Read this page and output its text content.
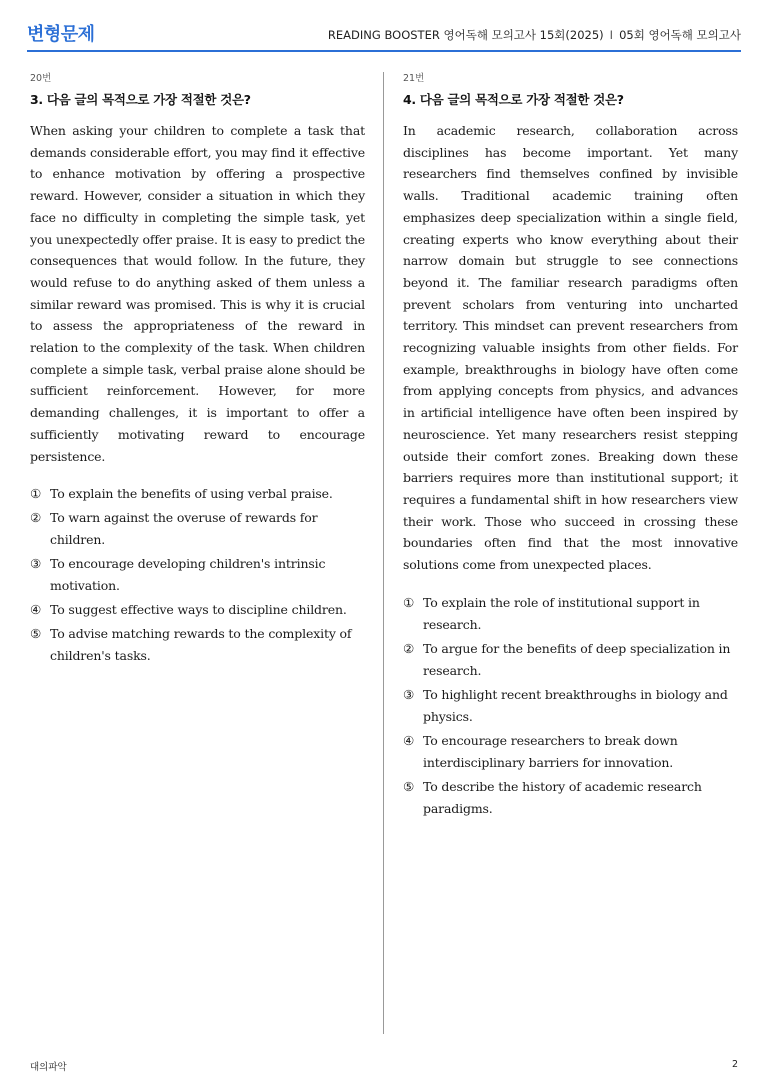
변형문제	READING BOOSTER 영어독해 모의고사 15회(2025) I 05회 영어독해 모의고사
20번
3. 다음 글의 목적으로 가장 적절한 것은?

When asking your children to complete a task that demands considerable effort, you may find it effective to enhance motivation by offering a prospective reward. However, consider a situation in which they face no difficulty in completing the simple task, yet you unexpectedly offer praise. It is easy to predict the consequences that would follow. In the future, they would refuse to do anything asked of them unless a similar reward was promised. This is why it is crucial to assess the appropriateness of the reward in relation to the complexity of the task. When children complete a simple task, verbal praise alone should be sufficient reinforcement. However, for more demanding challenges, it is important to offer a sufficiently motivating reward to encourage persistence.

① To explain the benefits of using verbal praise.
② To warn against the overuse of rewards for children.
③ To encourage developing children's intrinsic motivation.
④ To suggest effective ways to discipline children.
⑤ To advise matching rewards to the complexity of children's tasks.
21번
4. 다음 글의 목적으로 가장 적절한 것은?

In academic research, collaboration across disciplines has become important. Yet many researchers find themselves confined by invisible walls. Traditional academic training often emphasizes deep specialization within a single field, creating experts who know everything about their narrow domain but struggle to see connections beyond it. The familiar research paradigms often prevent scholars from venturing into uncharted territory. This mindset can prevent researchers from recognizing valuable insights from other fields. For example, breakthroughs in biology have often come from applying concepts from physics, and advances in artificial intelligence have often been inspired by neuroscience. Yet many researchers resist stepping outside their comfort zones. Breaking down these barriers requires more than institutional support; it requires a fundamental shift in how researchers view their work. Those who succeed in crossing these boundaries often find that the most innovative solutions come from unexpected places.

① To explain the role of institutional support in research.
② To argue for the benefits of deep specialization in research.
③ To highlight recent breakthroughs in biology and physics.
④ To encourage researchers to break down interdisciplinary barriers for innovation.
⑤ To describe the history of academic research paradigms.
대의파악	2
